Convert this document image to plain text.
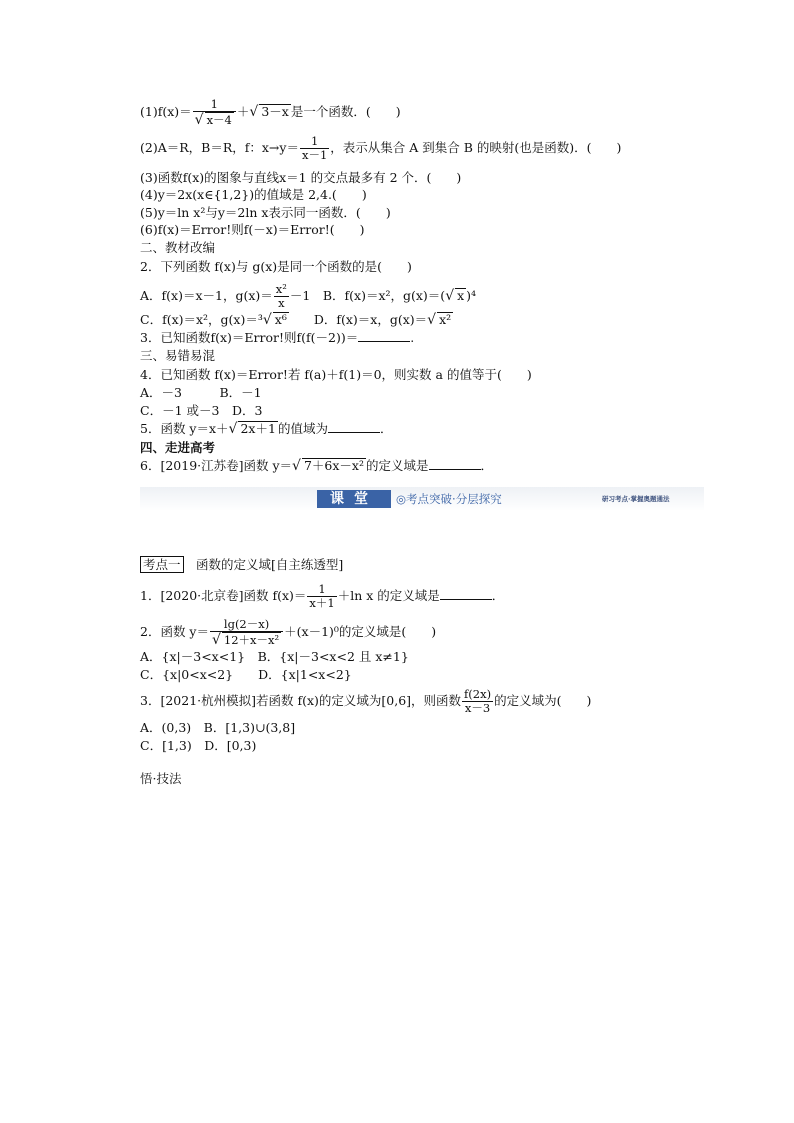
$(1)f(x)= \frac{1}{√ x-4}$ ＋√ 3－x 是一个函数．(　　)
(2)A＝R，B＝R，f：$x\to y= \frac{1}{x-1}$ ，表示从集合 A 到集合 B 的映射(也是函数)．(　　)
(3)函数f(x)的图象与直线x＝1 的交点最多有 2 个．(　　)
(4)y＝2x(x∈{1,2})的值域是 2,4.(　　)
(5)y＝ln x²与y＝2ln x表示同一函数．(　　)
(6)f(x)＝Error!则f(－x)＝Error!(　　)
二、教材改编
2．下列函数 f(x)与 g(x)是同一个函数的是(　　)
A．f(x)＝x－1，$g(x)= \frac{\text{x²}}{x} -1$　B．f(x)＝x²，g(x)＝(√ x )⁴
C．f(x)＝x²，g(x)＝³√ x⁶　　D．f(x)＝x，g(x)＝√ x²
3．已知函数f(x)＝Error!则f(f(－2))＝	.
三、易错易混
4．已知函数 f(x)＝Error!若 f(a)＋f(1)＝0，则实数 a 的值等于(　　)
A．－3　　　B．－1
C．－1 或－3　D．3
5．函数 y＝x＋√ 2x＋1 的值域为	．
四、走进高考
6．[2019·江苏卷]函数 y＝√ 7＋6x－x² 的定义域是	．
课堂	◎考点突破·分层探究	研习考点·掌握奥题通法
考点一　函数的定义域[自主练透型]
1．[2020·北京卷]函数 $f(x)= \frac{1}{x+1} +\ln$ x 的定义域是	．
2．函数 $y= \frac{\lg(2-x)}{\text{√ 12＋x－x²}} +(x-1)^0$的定义域是(　　)
A．{x|－3<x<1}　B．{x|－3<x<2 且 x≠1}
C．{x|0<x<2}　　D．{x|1<x<2}
3．[2021·杭州模拟]若函数 f(x)的定义域为[0,6]，则函数 $\frac{f(2x)}{x-3}$ 的定义域为(　　)
A．(0,3)　B．[1,3)∪(3,8]
C．[1,3)　D．[0,3)
悟·技法
